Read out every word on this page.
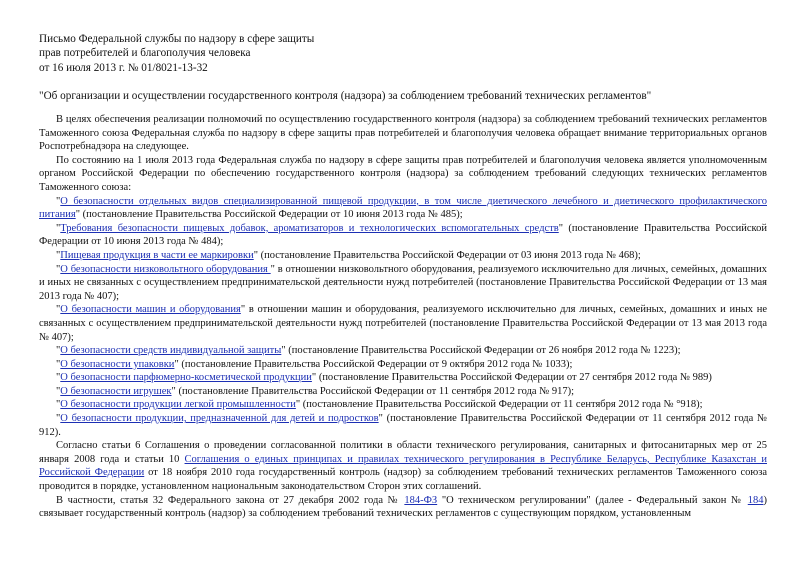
Письмо Федеральной службы по надзору в сфере защиты
прав потребителей и благополучия человека
от 16 июля 2013 г. № 01/8021-13-32
"Об организации и осуществлении государственного контроля (надзора) за соблюдением требований технических регламентов"

В целях обеспечения реализации полномочий по осуществлению государственного контроля (надзора) за соблюдением требований технических регламентов Таможенного союза Федеральная служба по надзору в сфере защиты прав потребителей и благополучия человека обращает внимание территориальных органов Роспотребнадзора на следующее.

По состоянию на 1 июля 2013 года Федеральная служба по надзору в сфере защиты прав потребителей и благополучия человека является уполномоченным органом Российской Федерации по обеспечению государственного контроля (надзора) за соблюдением требований следующих технических регламентов Таможенного союза:

"О безопасности отдельных видов специализированной пищевой продукции, в том числе диетического лечебного и диетического профилактического питания" (постановление Правительства Российской Федерации от 10 июня 2013 года № 485);

"Требования безопасности пищевых добавок, ароматизаторов и технологических вспомогательных средств" (постановление Правительства Российской Федерации от 10 июня 2013 года № 484);

"Пищевая продукция в части ее маркировки" (постановление Правительства Российской Федерации от 03 июня 2013 года № 468);

"О безопасности низковольтного оборудования " в отношении низковольтного оборудования, реализуемого исключительно для личных, семейных, домашних и иных не связанных с осуществлением предпринимательской деятельности нужд потребителей (постановление Правительства Российской Федерации от 13 мая 2013 года № 407);

"О безопасности машин и оборудования" в отношении машин и оборудования, реализуемого исключительно для личных, семейных, домашних и иных не связанных с осуществлением предпринимательской деятельности нужд потребителей (постановление Правительства Российской Федерации от 13 мая 2013 года № 407);

"О безопасности средств индивидуальной защиты" (постановление Правительства Российской Федерации от 26 ноября 2012 года № 1223);

"О безопасности упаковки" (постановление Правительства Российской Федерации от 9 октября 2012 года № 1033);

"О безопасности парфюмерно-косметической продукции" (постановление Правительства Российской Федерации от 27 сентября 2012 года № 989)

"О безопасности игрушек" (постановление Правительства Российской Федерации от 11 сентября 2012 года № 917);

"О безопасности продукции легкой промышленности" (постановление Правительства Российской Федерации от 11 сентября 2012 года № °918);

"О безопасности продукции, предназначенной для детей и подростков" (постановление Правительства Российской Федерации от 11 сентября 2012 года № 912).

Согласно статьи 6 Соглашения о проведении согласованной политики в области технического регулирования, санитарных и фитосанитарных мер от 25 января 2008 года и статьи 10 Соглашения о единых принципах и правилах технического регулирования в Республике Беларусь, Республике Казахстан и Российской Федерации от 18 ноября 2010 года государственный контроль (надзор) за соблюдением требований технических регламентов Таможенного союза проводится в порядке, установленном национальным законодательством Сторон этих соглашений.

В частности, статья 32 Федерального закона от 27 декабря 2002 года № 184-ФЗ "О техническом регулировании" (далее - Федеральный закон № 184) связывает государственный контроль (надзор) за соблюдением требований технических регламентов с существующим порядком, установленным
